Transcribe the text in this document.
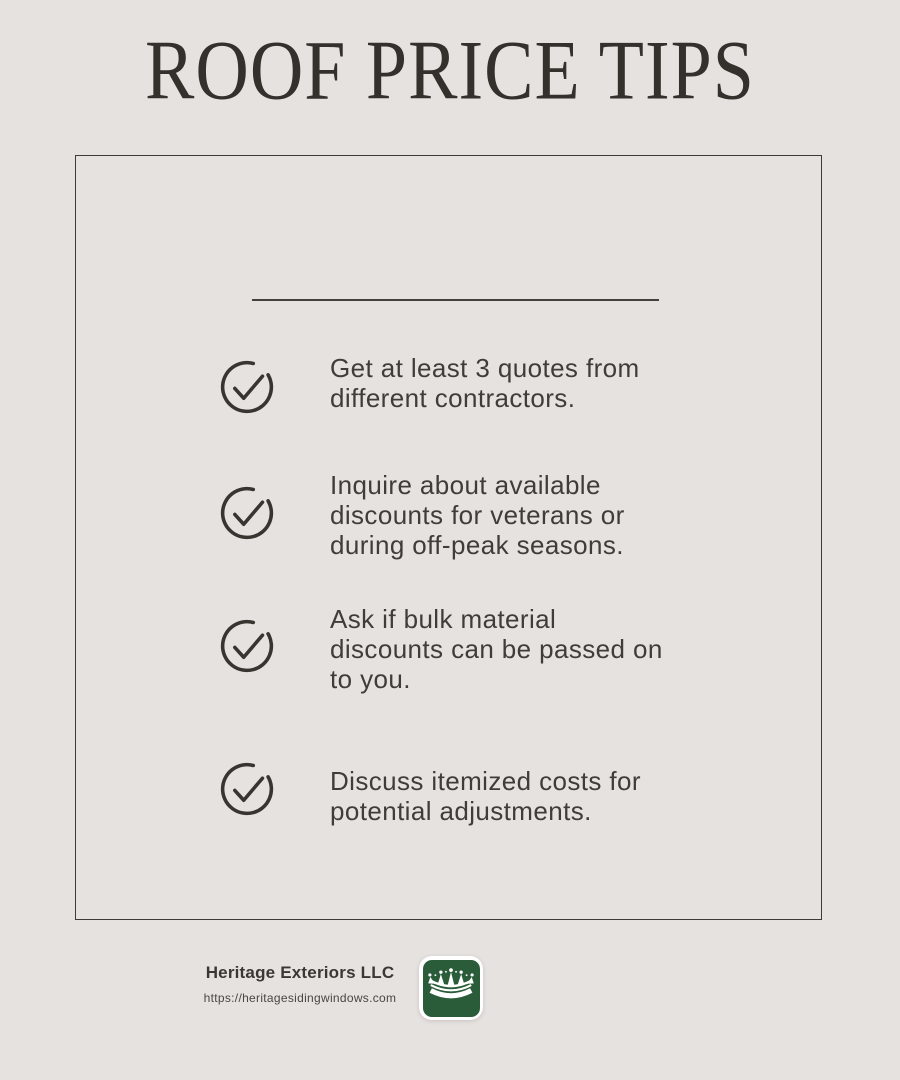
ROOF PRICE TIPS
Get at least 3 quotes from
different contractors.
Inquire about available
discounts for veterans or
during off-peak seasons.
Ask if bulk material
discounts can be passed on
to you.
Discuss itemized costs for
potential adjustments.
Heritage Exteriors LLC
https://heritagesidingwindows.com
